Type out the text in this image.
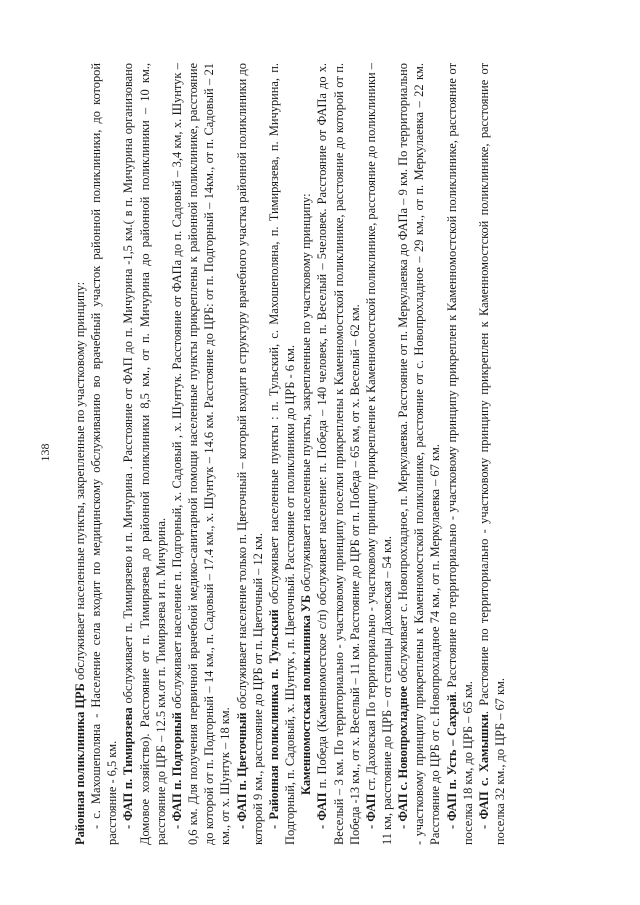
138

Районная поликлиника ЦРБ обслуживает населенные пункты, закрепленные по участковому принципу: - с. Махошеполяна - Население села входит по медицинскому обслуживанию во врачебный участок районной поликлиники, до которой расстояние - 6,5 км. - ФАП п. Тимирязева обслуживает п. Тимирязево и п. Мичурина . Расстояние от ФАП до п. Мичурина -1,5 км.( в п. Мичурина организовано Домовое хозяйство). Расстояние от п. Тимирязева до районной поликлиники 8,5 км., от п. Мичурина до районной поликлиники – 10 км., расстояние до ЦРБ – 12.5 км.от п. Тимирязева и п. Мичурина. - ФАП п. Подгорный обслуживает население п. Подгорный, х. Садовый , х. Шунтук. Расстояние от ФАПа до п. Садовый – 3,4 км, х. Шунтук – 0,6 км. Для получения первичной врачебной медико-санитарной помощи населенные пункты прикреплены к районной поликлинике, расстояние до которой от п. Подгорный – 14 км., п. Садовый – 17.4 км., х. Шунтук – 14.6 км. Расстояние до ЦРБ: от п. Подгорный – 14км., от п. Садовый – 21 км., от х. Шунтук – 18 км. - ФАП п. Цветочный обслуживает население только п. Цветочный – который входит в структуру врачебного участка районной поликлиники до которой 9 км., расстояние до ЦРБ от п. Цветочный – 12 км. - Районная поликлиника п. Тульский обслуживает населенные пункты : п. Тульский, с. Махошеполяна, п. Тимирязева, п. Мичурина, п. Подгорный, п. Садовый, х. Шунтук , п. Цветочный. Расстояние от поликлиники до ЦРБ - 6 км. Каменномостская поликлиника УБ обслуживает населенные пункты, закрепленные по участковому принципу:

- ФАП п. Победа (Каменномостское с/п) обслуживает население: п. Победа – 140 человек, п. Веселый – 5человек. Расстояние от ФАПа до х. Веселый – 3 км. По территориально - участковому принципу поселки прикреплены к Каменномостской поликлинике, расстояние до которой от п. Победа -13 км., от х. Веселый – 11 км. Расстояние до ЦРБ от п. Победа – 65 км, от х. Веселый – 62 км. - ФАП ст. Даховская По территориально - участковому принципу прикрепление к Каменномостской поликлинике, расстояние до поликлиники – 11 км, расстояние до ЦРБ – от станицы Даховская – 54 км. - ФАП с. Новопрохладное обслуживает с. Новопрохладное, п. Меркулаевка. Расстояние от п. Меркулаевка до ФАПа – 9 км. По территориально - участковому принципу прикреплены к Каменномостской поликлинике, расстояние от с. Новопрохладное – 29 км., от п. Меркулаевка – 22 км. Расстояние до ЦРБ от с. Новопрохладное 74 км., от п. Меркулаевка – 67 км. - ФАП п. Усть – Сахрай. Расстояние по территориально - участковому принципу прикреплен к Каменномостской поликлинике, расстояние от поселка 18 км, до ЦРБ – 65 км. - ФАП с. Хамышки. Расстояние по территориально - участковому принципу прикреплен к Каменномостской поликлинике, расстояние от поселка 32 км., до ЦРБ – 67 км.
